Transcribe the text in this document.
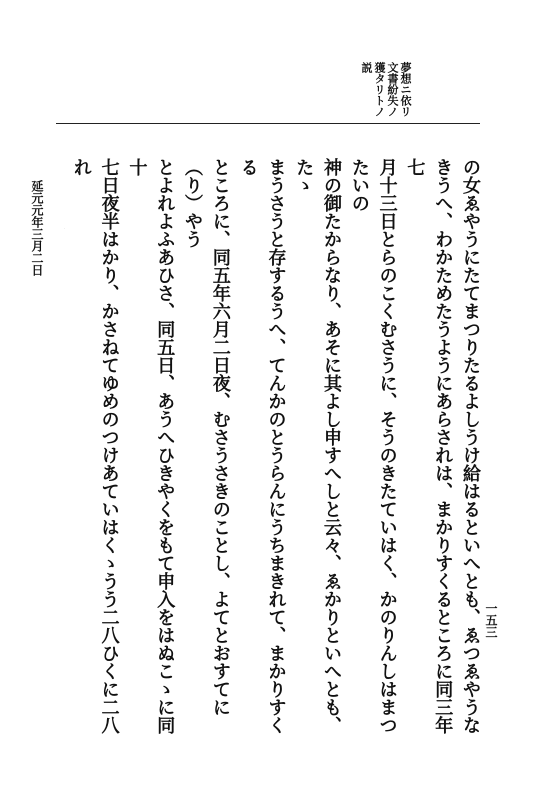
夢想ニ依リ文書紛失ノ獲タリトノ説

の女ゑやうにたてまつりたるよしうけ給はるといへとも、ゑつゑやうな

きうへ、わかためたうようにあらされは、まかりすくるところに同三年七

月十三日とらのこくむさうに、そうのきたていはく、かのりんしはまつたいの

神の御たからなり、あそに其よし申すへしと云々、ゑかりといへとも、たゝ

まうさうと存するうへ、てんかのとうらんにうちまきれて、まかりすくる

ところに、同五年六月二日夜、むさうさきのことし、よてとおすてに（り）やう

とよれよふあひさ、同五日、あうへひきやくをもて申入をはぬこゝに同十

七日夜半はかり、かさねてゆめのつけあていはくゝうう二八ひくに二八れ

一五三
延元元年三月二日
